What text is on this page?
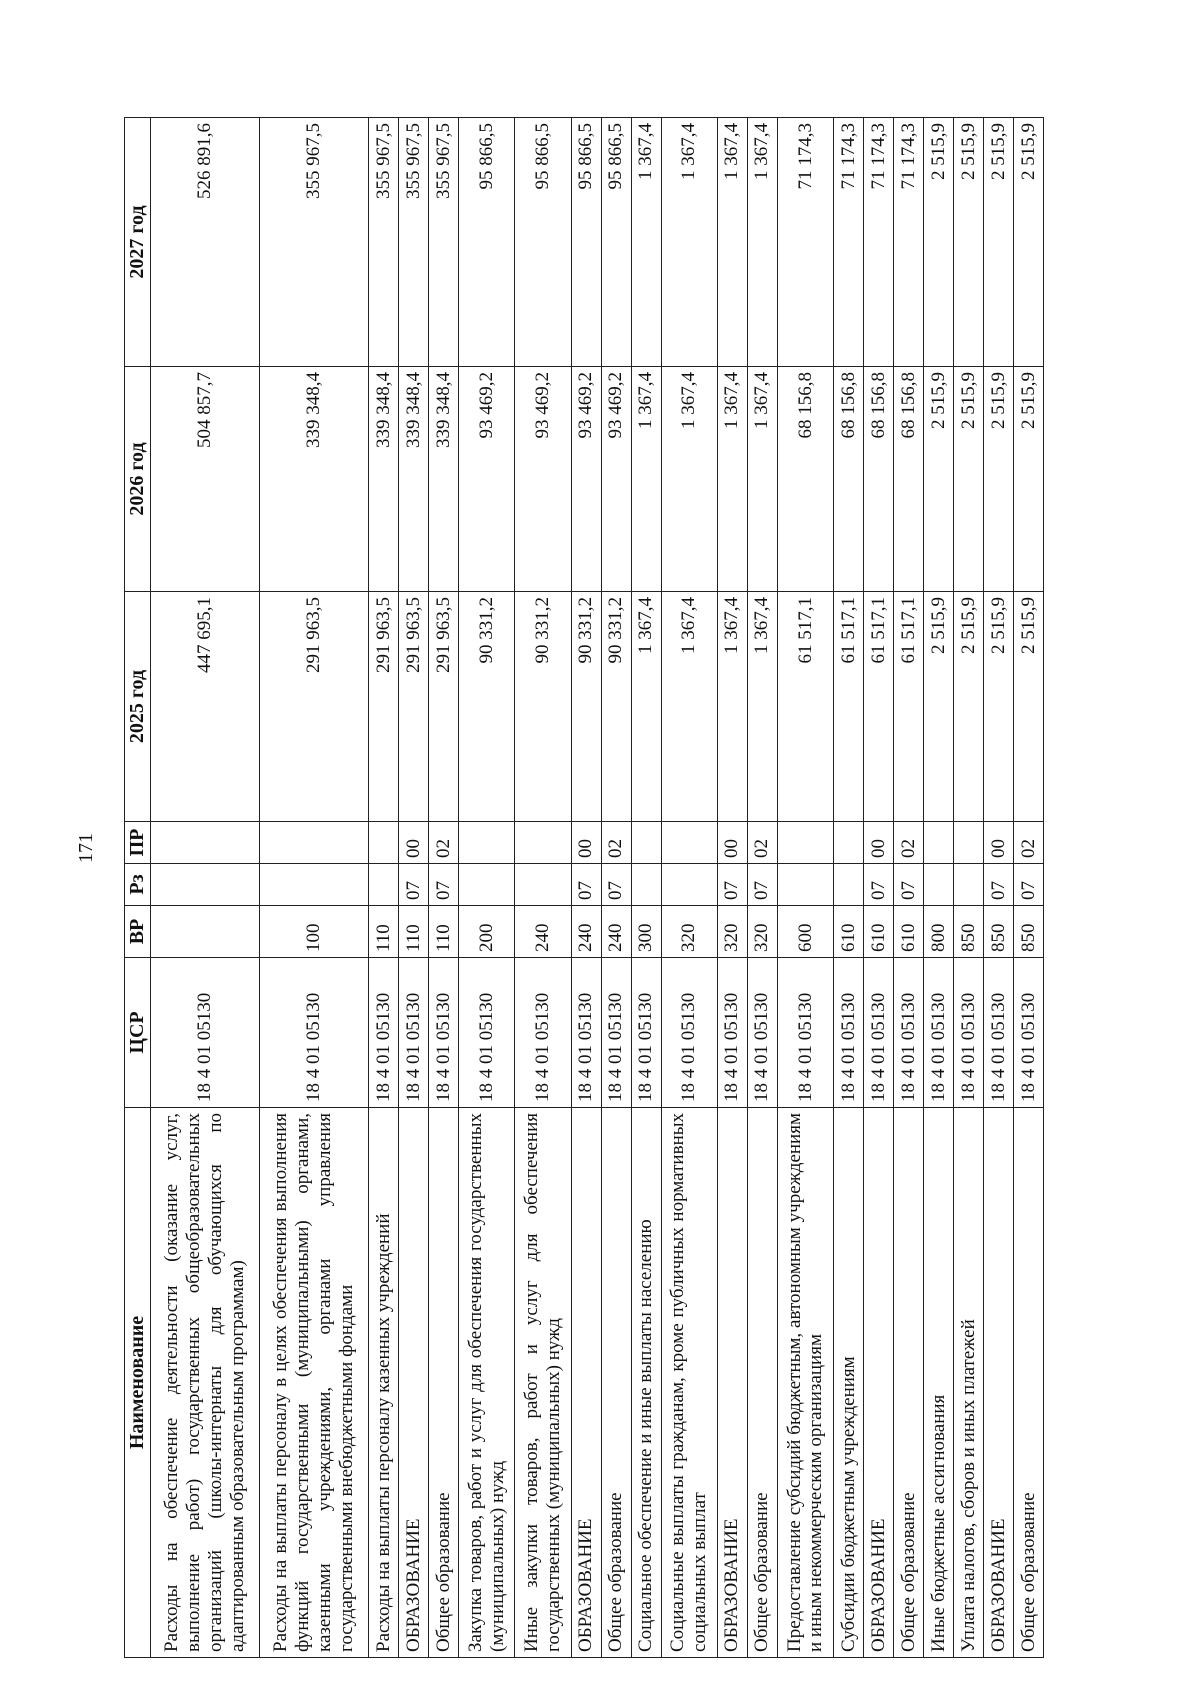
171
Наименование	ЦСР	ВР	Рз	ПР	2025 год	2026 год	2027 год
Расходы на обеспечение деятельности (оказание услуг, выполнение работ) государственных общеобразовательных организаций (школы-интернаты для обучающихся по адаптированным образовательным программам)	18 4 01 05130				447 695,1	504 857,7	526 891,6
Расходы на выплаты персоналу в целях обеспечения выполнения функций государственными (муниципальными) органами, казенными учреждениями, органами управления государственными внебюджетными фондами	18 4 01 05130	100			291 963,5	339 348,4	355 967,5
Расходы на выплаты персоналу казенных учреждений	18 4 01 05130	110			291 963,5	339 348,4	355 967,5
ОБРАЗОВАНИЕ	18 4 01 05130	110	07	00	291 963,5	339 348,4	355 967,5
Общее образование	18 4 01 05130	110	07	02	291 963,5	339 348,4	355 967,5
Закупка товаров, работ и услуг для обеспечения государственных (муниципальных) нужд	18 4 01 05130	200			90 331,2	93 469,2	95 866,5
Иные закупки товаров, работ и услуг для обеспечения государственных (муниципальных) нужд	18 4 01 05130	240			90 331,2	93 469,2	95 866,5
ОБРАЗОВАНИЕ	18 4 01 05130	240	07	00	90 331,2	93 469,2	95 866,5
Общее образование	18 4 01 05130	240	07	02	90 331,2	93 469,2	95 866,5
Социальное обеспечение и иные выплаты населению	18 4 01 05130	300			1 367,4	1 367,4	1 367,4
Социальные выплаты гражданам, кроме публичных нормативных социальных выплат	18 4 01 05130	320			1 367,4	1 367,4	1 367,4
ОБРАЗОВАНИЕ	18 4 01 05130	320	07	00	1 367,4	1 367,4	1 367,4
Общее образование	18 4 01 05130	320	07	02	1 367,4	1 367,4	1 367,4
Предоставление субсидий бюджетным, автономным учреждениям и иным некоммерческим организациям	18 4 01 05130	600			61 517,1	68 156,8	71 174,3
Субсидии бюджетным учреждениям	18 4 01 05130	610			61 517,1	68 156,8	71 174,3
ОБРАЗОВАНИЕ	18 4 01 05130	610	07	00	61 517,1	68 156,8	71 174,3
Общее образование	18 4 01 05130	610	07	02	61 517,1	68 156,8	71 174,3
Иные бюджетные ассигнования	18 4 01 05130	800			2 515,9	2 515,9	2 515,9
Уплата налогов, сборов и иных платежей	18 4 01 05130	850			2 515,9	2 515,9	2 515,9
ОБРАЗОВАНИЕ	18 4 01 05130	850	07	00	2 515,9	2 515,9	2 515,9
Общее образование	18 4 01 05130	850	07	02	2 515,9	2 515,9	2 515,9
